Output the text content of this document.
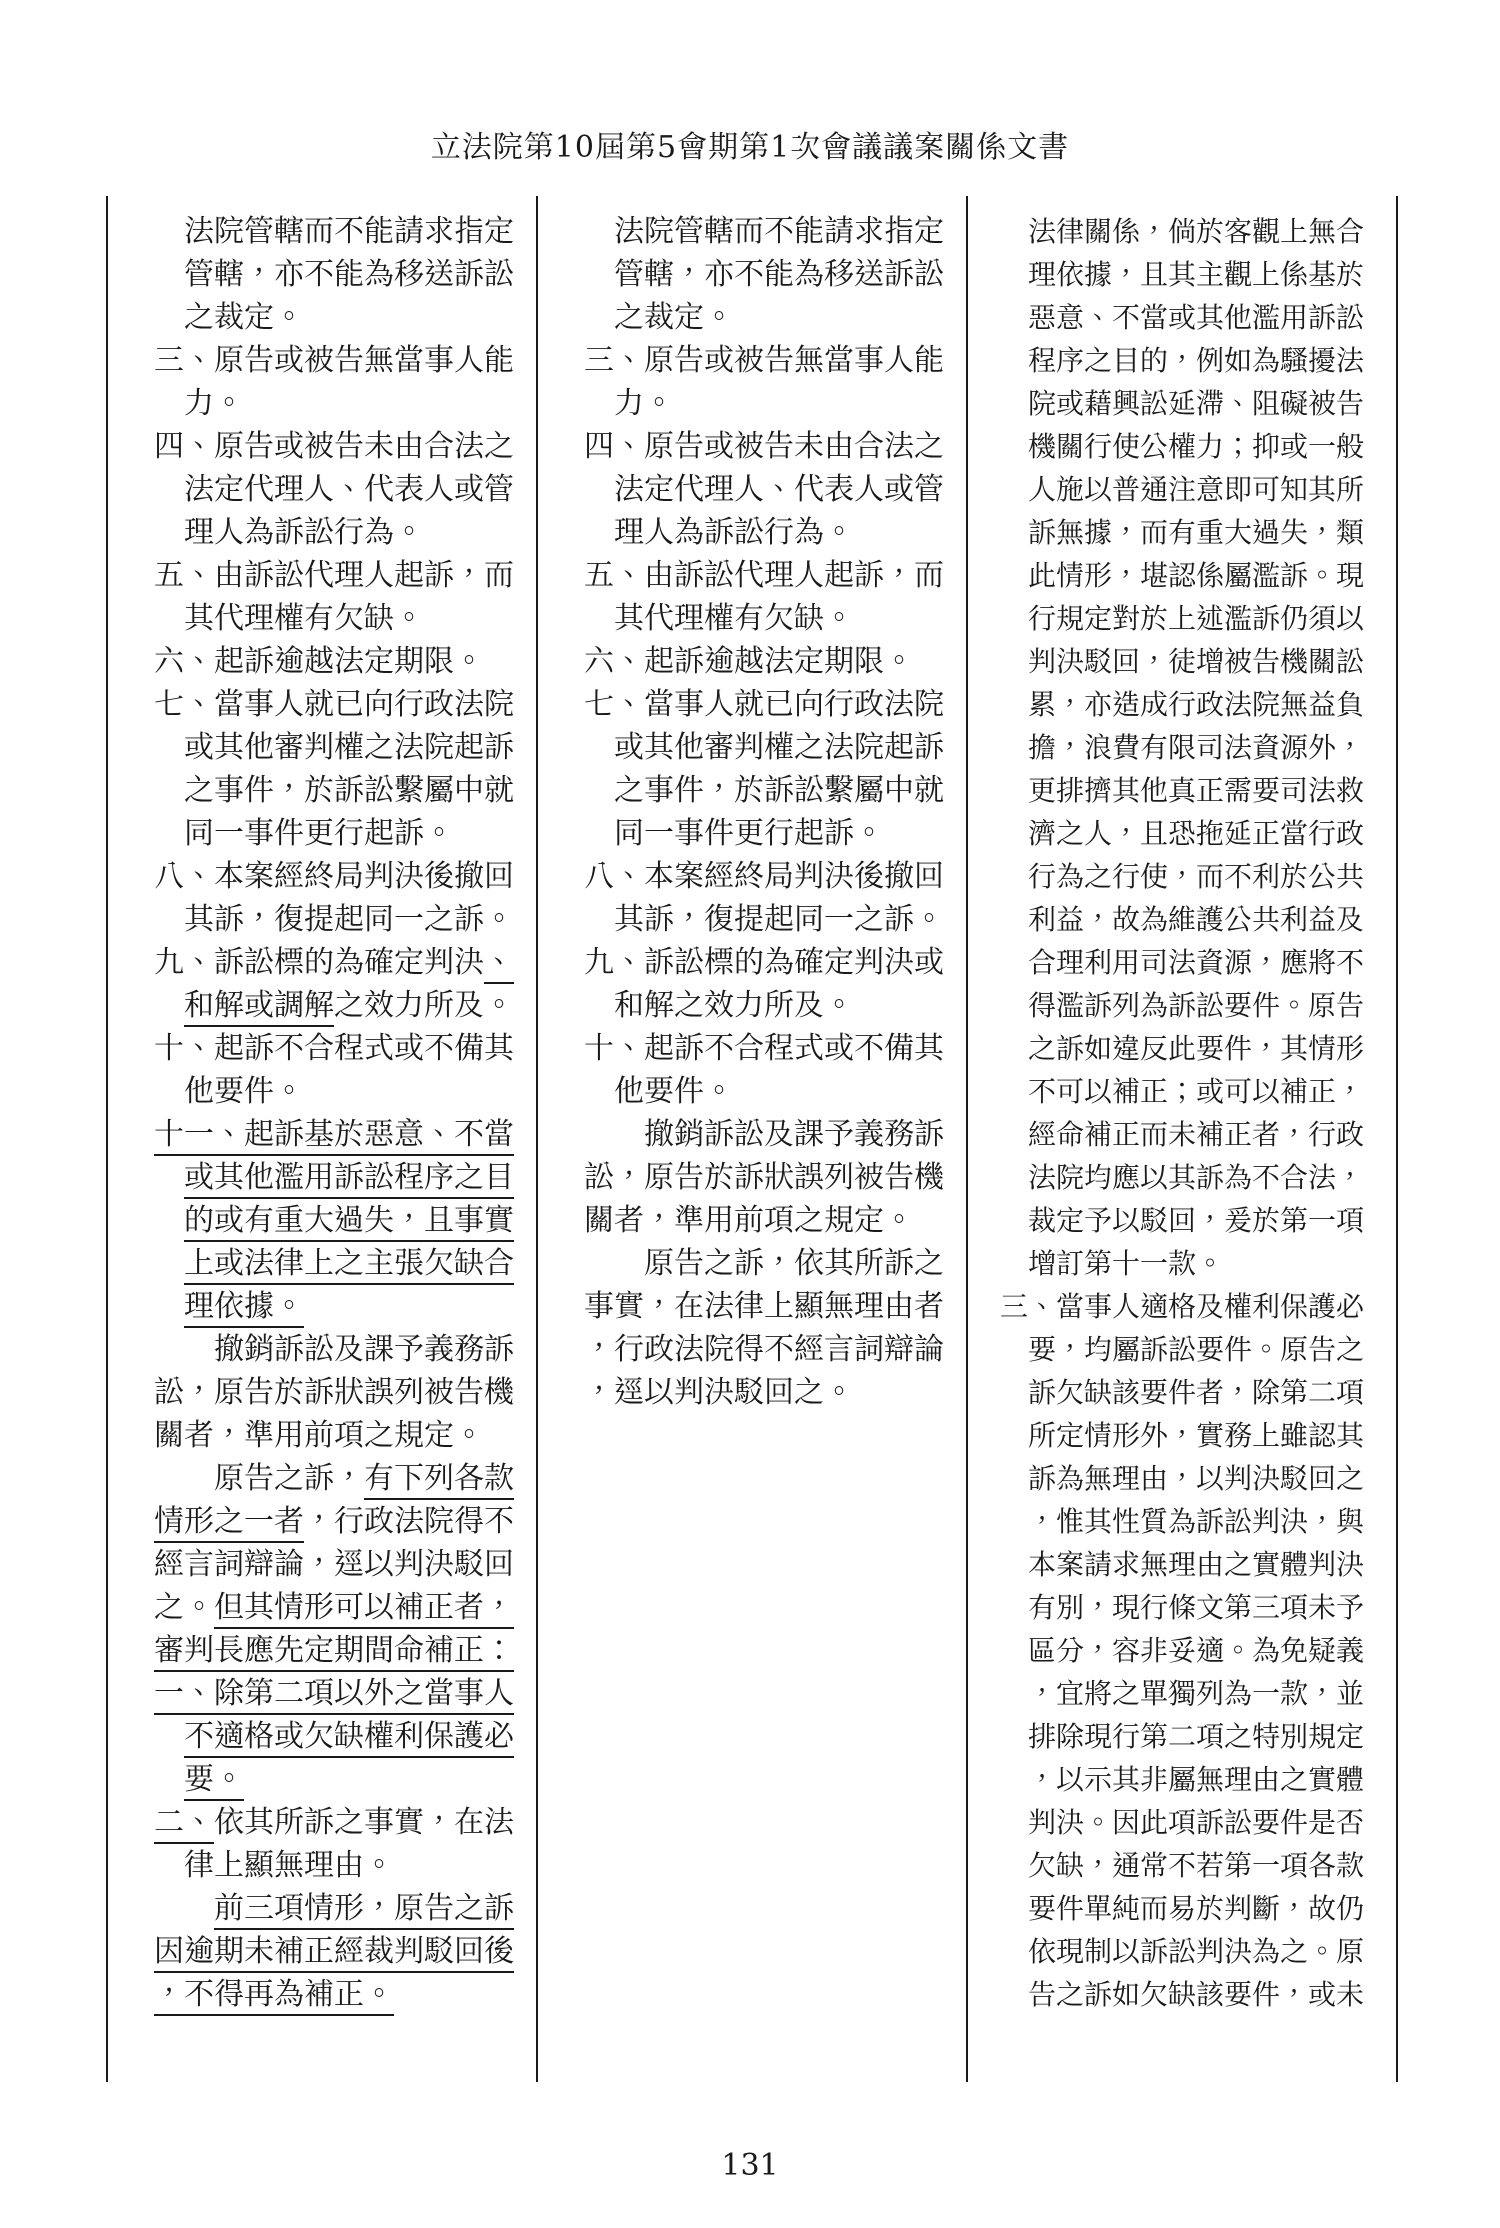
立法院第10屆第5會期第1次會議議案關係文書
法院管轄而不能請求指定
管轄，亦不能為移送訴訟
之裁定。
三、原告或被告無當事人能
力。
四、原告或被告未由合法之
法定代理人、代表人或管
理人為訴訟行為。
五、由訴訟代理人起訴，而
其代理權有欠缺。
六、起訴逾越法定期限。
七、當事人就已向行政法院
或其他審判權之法院起訴
之事件，於訴訟繫屬中就
同一事件更行起訴。
八、本案經終局判決後撤回
其訴，復提起同一之訴。
九、訴訟標的為確定判決、
和解或調解之效力所及。
十、起訴不合程式或不備其
他要件。
十一、起訴基於惡意、不當
或其他濫用訴訟程序之目
的或有重大過失，且事實
上或法律上之主張欠缺合
理依據。
撤銷訴訟及課予義務訴
訟，原告於訴狀誤列被告機
關者，準用前項之規定。
原告之訴，有下列各款
情形之一者，行政法院得不
經言詞辯論，逕以判決駁回
之。但其情形可以補正者，
審判長應先定期間命補正：
一、除第二項以外之當事人
不適格或欠缺權利保護必
要。
二、依其所訴之事實，在法
律上顯無理由。
前三項情形，原告之訴
因逾期未補正經裁判駁回後
，不得再為補正。
法院管轄而不能請求指定
管轄，亦不能為移送訴訟
之裁定。
三、原告或被告無當事人能
力。
四、原告或被告未由合法之
法定代理人、代表人或管
理人為訴訟行為。
五、由訴訟代理人起訴，而
其代理權有欠缺。
六、起訴逾越法定期限。
七、當事人就已向行政法院
或其他審判權之法院起訴
之事件，於訴訟繫屬中就
同一事件更行起訴。
八、本案經終局判決後撤回
其訴，復提起同一之訴。
九、訴訟標的為確定判決或
和解之效力所及。
十、起訴不合程式或不備其
他要件。
撤銷訴訟及課予義務訴
訟，原告於訴狀誤列被告機
關者，準用前項之規定。
原告之訴，依其所訴之
事實，在法律上顯無理由者
，行政法院得不經言詞辯論
，逕以判決駁回之。
法律關係，倘於客觀上無合
理依據，且其主觀上係基於
惡意、不當或其他濫用訴訟
程序之目的，例如為騷擾法
院或藉興訟延滯、阻礙被告
機關行使公權力；抑或一般
人施以普通注意即可知其所
訴無據，而有重大過失，類
此情形，堪認係屬濫訴。現
行規定對於上述濫訴仍須以
判決駁回，徒增被告機關訟
累，亦造成行政法院無益負
擔，浪費有限司法資源外，
更排擠其他真正需要司法救
濟之人，且恐拖延正當行政
行為之行使，而不利於公共
利益，故為維護公共利益及
合理利用司法資源，應將不
得濫訴列為訴訟要件。原告
之訴如違反此要件，其情形
不可以補正；或可以補正，
經命補正而未補正者，行政
法院均應以其訴為不合法，
裁定予以駁回，爰於第一項
增訂第十一款。
三、當事人適格及權利保護必
要，均屬訴訟要件。原告之
訴欠缺該要件者，除第二項
所定情形外，實務上雖認其
訴為無理由，以判決駁回之
，惟其性質為訴訟判決，與
本案請求無理由之實體判決
有別，現行條文第三項未予
區分，容非妥適。為免疑義
，宜將之單獨列為一款，並
排除現行第二項之特別規定
，以示其非屬無理由之實體
判決。因此項訴訟要件是否
欠缺，通常不若第一項各款
要件單純而易於判斷，故仍
依現制以訴訟判決為之。原
告之訴如欠缺該要件，或未
131
